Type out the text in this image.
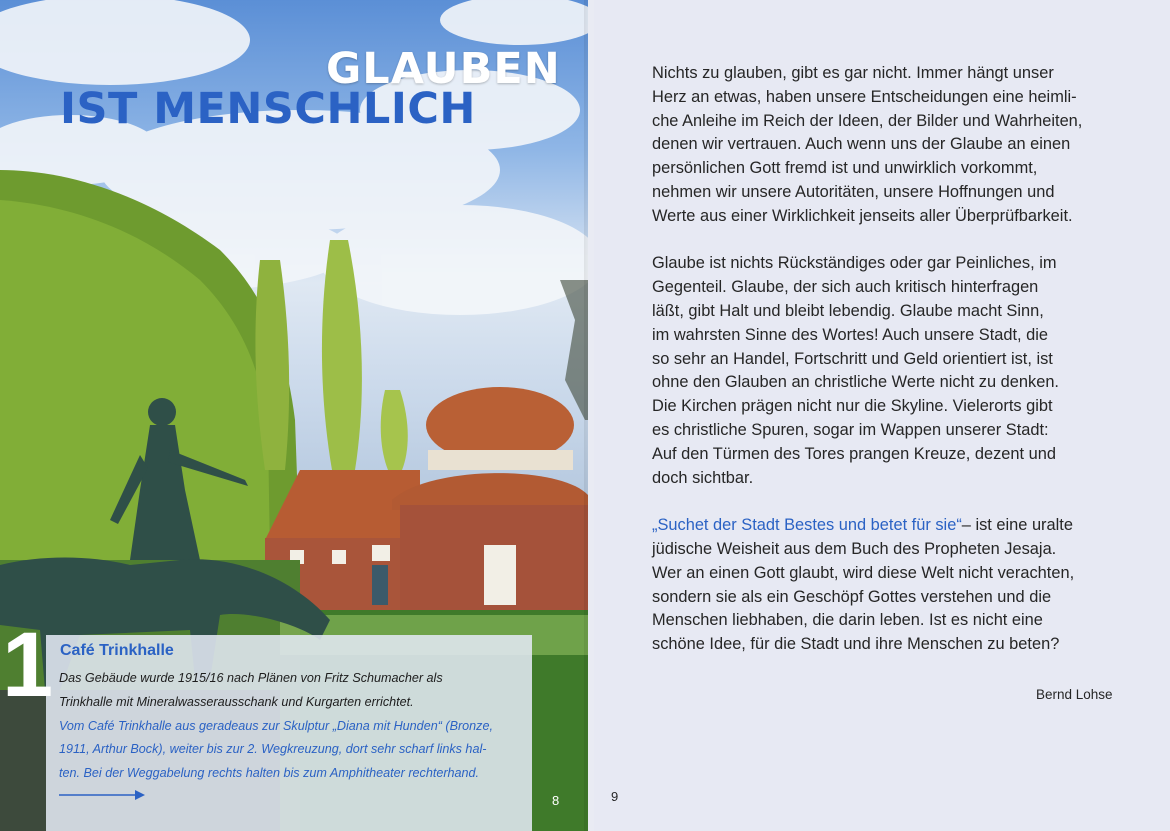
GLAUBEN
IST MENSCHLICH
1 Café Trinkhalle
Das Gebäude wurde 1915/16 nach Plänen von Fritz Schumacher als
Trinkhalle mit Mineralwasserausschank und Kurgarten errichtet.
Vom Café Trinkhalle aus geradeaus zur Skulptur „Diana mit Hunden“ (Bronze,
1911, Arthur Bock), weiter bis zur 2. Wegkreuzung, dort sehr scharf links hal-
ten. Bei der Weggabelung rechts halten bis zum Amphitheater rechterhand.
8

Nichts zu glauben, gibt es gar nicht. Immer hängt unser
Herz an etwas, haben unsere Entscheidungen eine heimli-
che Anleihe im Reich der Ideen, der Bilder und Wahrheiten,
denen wir vertrauen. Auch wenn uns der Glaube an einen
persönlichen Gott fremd ist und unwirklich vorkommt,
nehmen wir unsere Autoritäten, unsere Hoffnungen und
Werte aus einer Wirklichkeit jenseits aller Überprüfbarkeit.

Glaube ist nichts Rückständiges oder gar Peinliches, im
Gegenteil. Glaube, der sich auch kritisch hinterfragen
läßt, gibt Halt und bleibt lebendig. Glaube macht Sinn,
im wahrsten Sinne des Wortes! Auch unsere Stadt, die
so sehr an Handel, Fortschritt und Geld orientiert ist, ist
ohne den Glauben an christliche Werte nicht zu denken.
Die Kirchen prägen nicht nur die Skyline. Vielerorts gibt
es christliche Spuren, sogar im Wappen unserer Stadt:
Auf den Türmen des Tores prangen Kreuze, dezent und
doch sichtbar.

„Suchet der Stadt Bestes und betet für sie“– ist eine uralte
jüdische Weisheit aus dem Buch des Propheten Jesaja.
Wer an einen Gott glaubt, wird diese Welt nicht verachten,
sondern sie als ein Geschöpf Gottes verstehen und die
Menschen liebhaben, die darin leben. Ist es nicht eine
schöne Idee, für die Stadt und ihre Menschen zu beten?

Bernd Lohse
9
